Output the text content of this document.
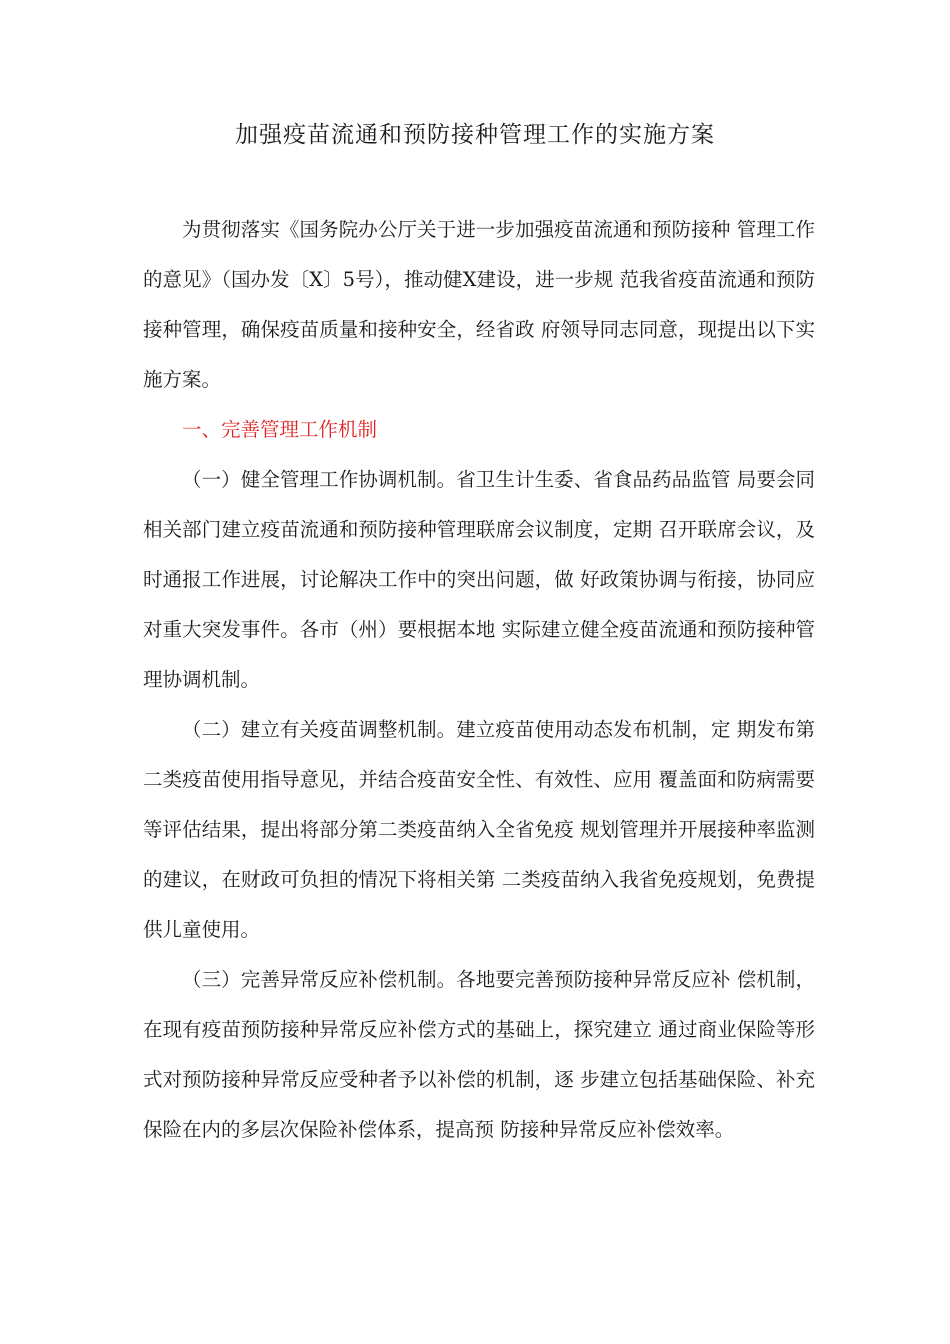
加强疫苗流通和预防接种管理工作的实施方案

为贯彻落实《国务院办公厅关于进一步加强疫苗流通和预防接种 管理工作的意见》（国办发〔X〕5号），推动健X建设，进一步规 范我省疫苗流通和预防接种管理，确保疫苗质量和接种安全，经省政 府领导同志同意，现提出以下实施方案。

一、完善管理工作机制

（一）健全管理工作协调机制。省卫生计生委、省食品药品监管 局要会同相关部门建立疫苗流通和预防接种管理联席会议制度，定期 召开联席会议，及时通报工作进展，讨论解决工作中的突出问题，做 好政策协调与衔接，协同应对重大突发事件。各市（州）要根据本地 实际建立健全疫苗流通和预防接种管理协调机制。

（二）建立有关疫苗调整机制。建立疫苗使用动态发布机制，定 期发布第二类疫苗使用指导意见，并结合疫苗安全性、有效性、应用 覆盖面和防病需要等评估结果，提出将部分第二类疫苗纳入全省免疫 规划管理并开展接种率监测的建议，在财政可负担的情况下将相关第 二类疫苗纳入我省免疫规划，免费提供儿童使用。

（三）完善异常反应补偿机制。各地要完善预防接种异常反应补 偿机制，在现有疫苗预防接种异常反应补偿方式的基础上，探究建立 通过商业保险等形式对预防接种异常反应受种者予以补偿的机制，逐 步建立包括基础保险、补充保险在内的多层次保险补偿体系，提高预 防接种异常反应补偿效率。
